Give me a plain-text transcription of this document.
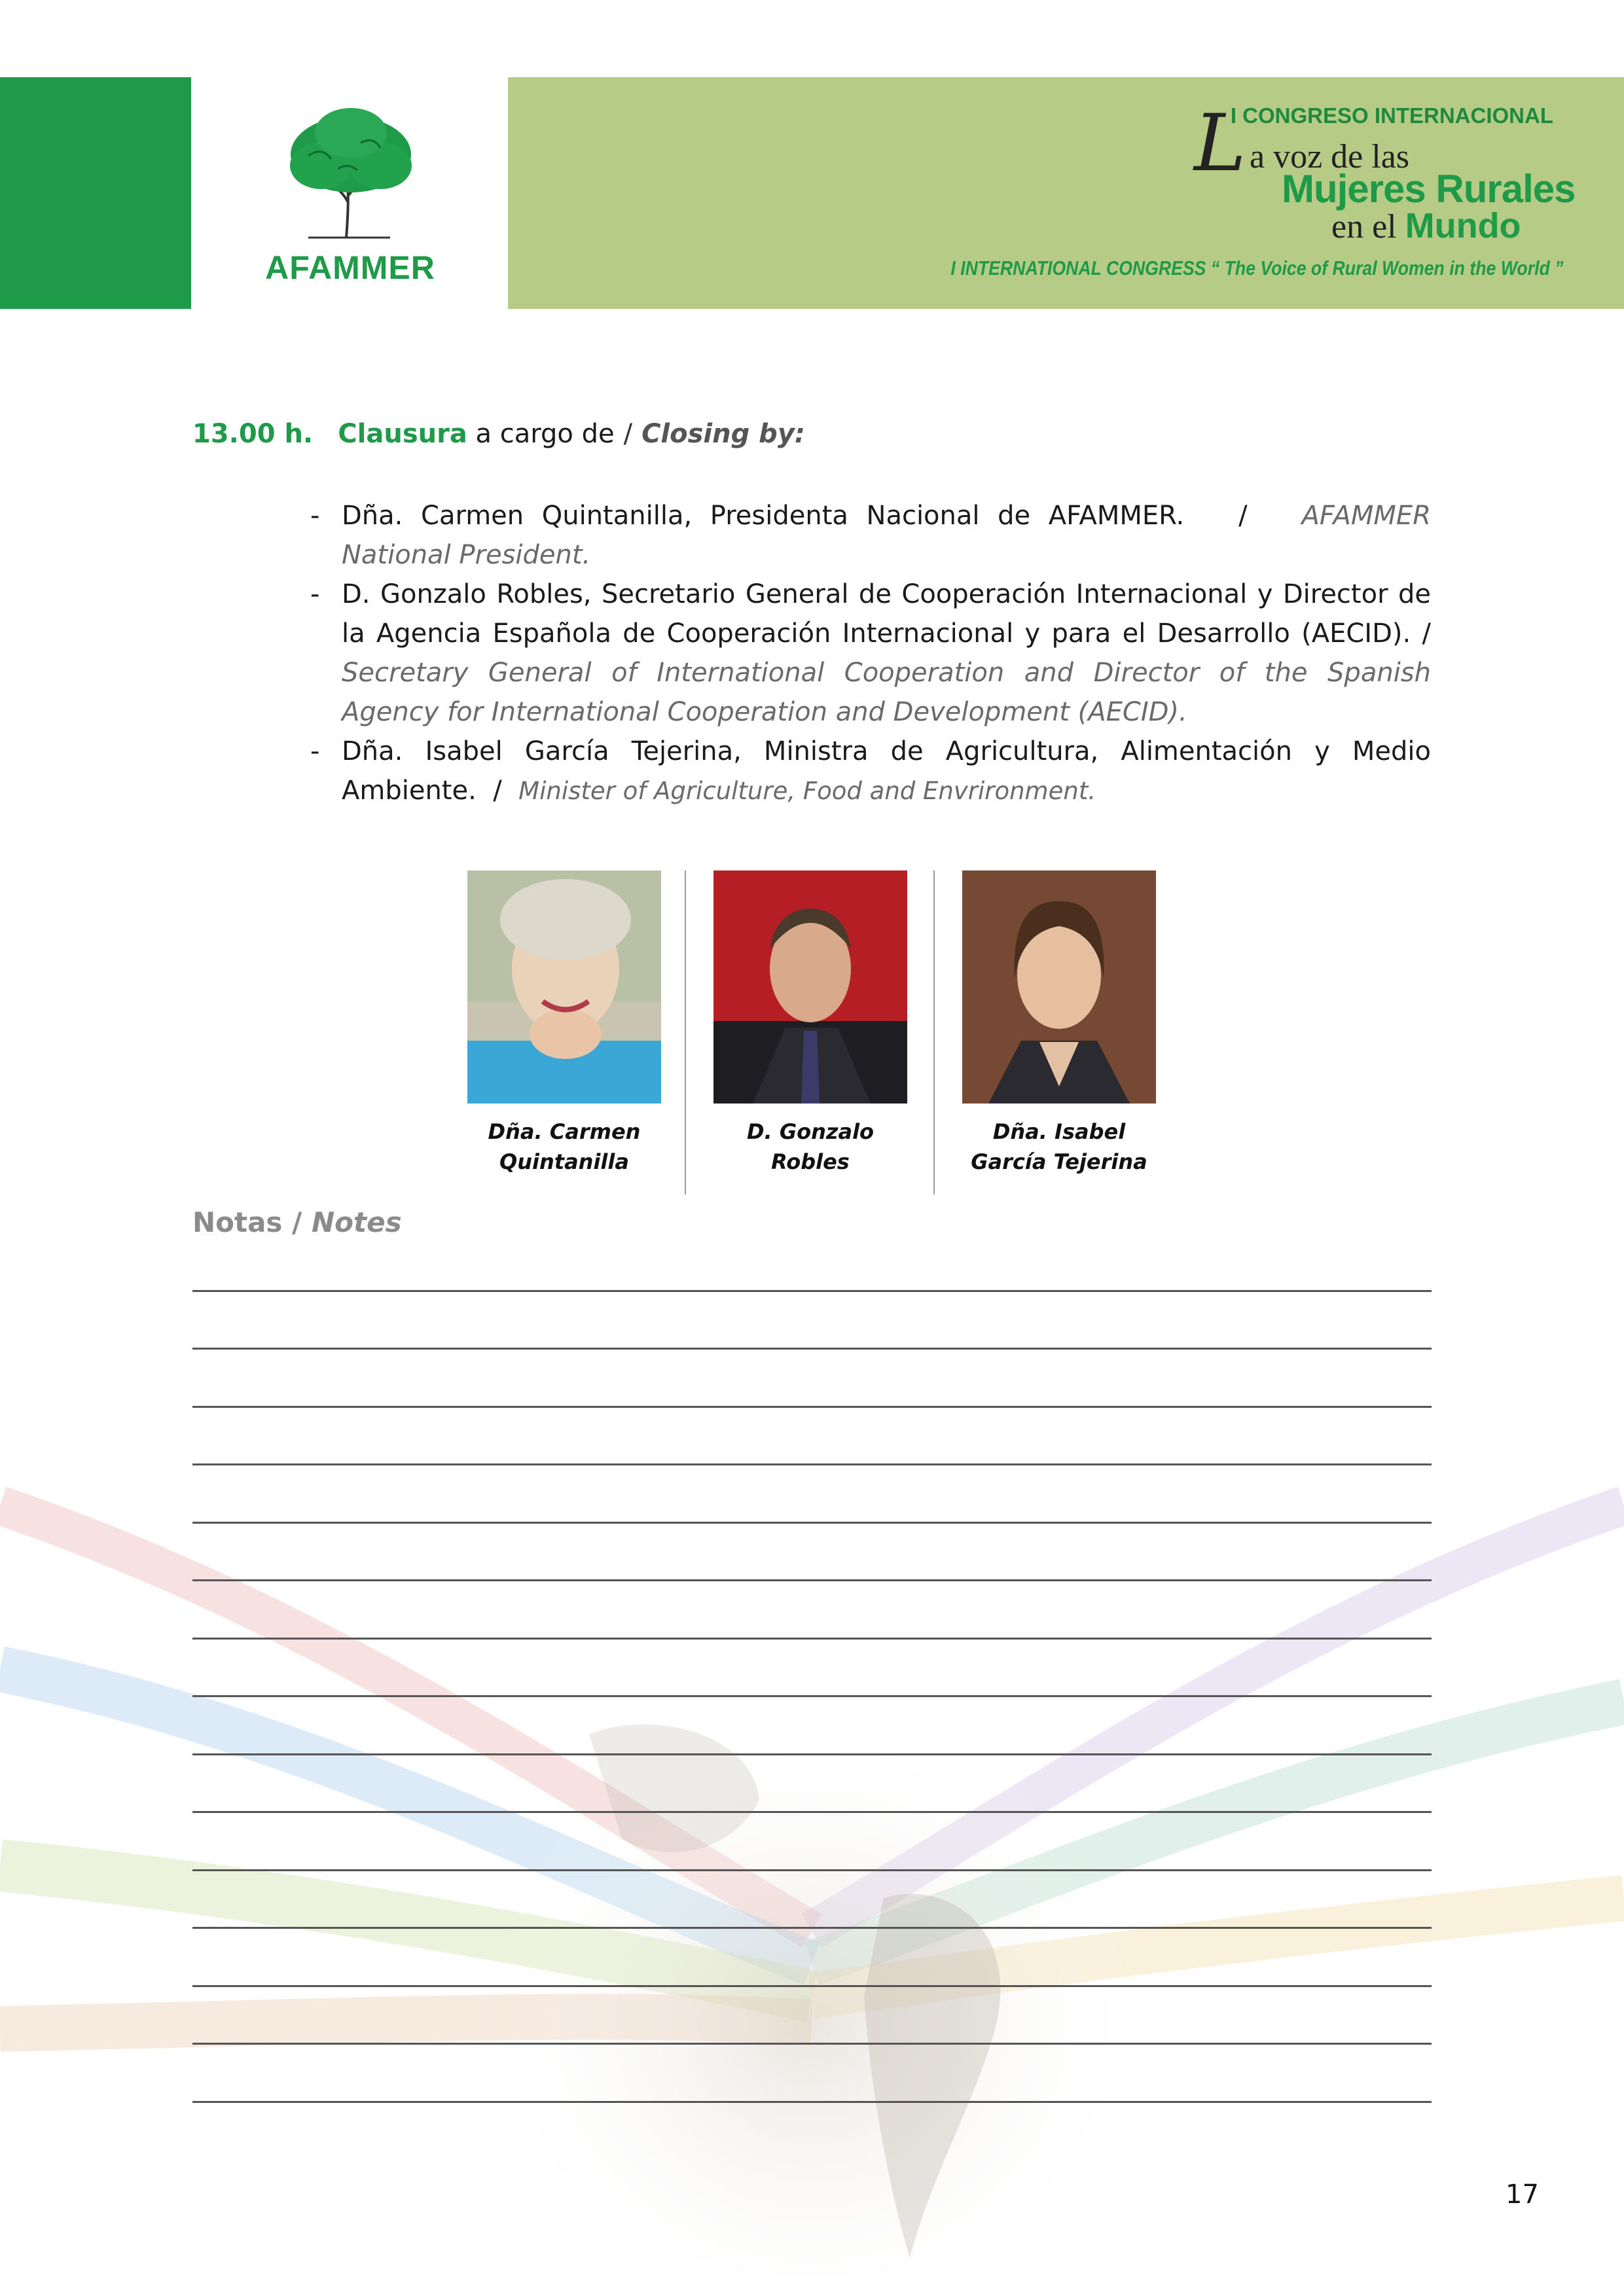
AFAMMER
I CONGRESO INTERNACIONAL
L a voz de las
Mujeres Rurales
en el Mundo
I INTERNATIONAL CONGRESS “ The Voice of Rural Women in the World ”
13.00 h. Clausura a cargo de / Closing by:

- Dña. Carmen Quintanilla, Presidenta Nacional de AFAMMER. / AFAMMER National President.

- D. Gonzalo Robles, Secretario General de Cooperación Internacional y Director de la Agencia Española de Cooperación Internacional y para el Desarrollo (AECID). / Secretary General of International Cooperation and Director of the Spanish Agency for International Cooperation and Development (AECID).

- Dña. Isabel García Tejerina, Ministra de Agricultura, Alimentación y Medio Ambiente. / Minister of Agriculture, Food and Envrironment.

Dña. Carmen
Quintanilla
D. Gonzalo Robles
Dña. Isabel
García Tejerina
Notas / Notes
17
